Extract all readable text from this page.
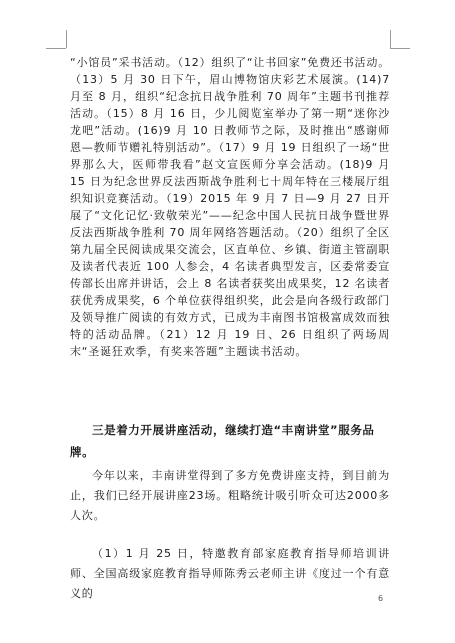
“小馆员”采书活动。（12）组织了“让书回家”免费还书活动。（13）5 月 30 日下午，眉山博物馆庆彩艺术展演。(14)7 月至 8 月，组织“纪念抗日战争胜利 70 周年”主题书刊推荐活动。（15）8 月 16 日，少儿阅览室举办了第一期“迷你沙龙吧”活动。(16)9 月 10 日教师节之际，及时推出“感谢师恩—教师节赠礼特别活动”。（17）9 月 19 日组织了一场“世界那么大，医师带我看”赵文宣医师分享会活动。(18)9 月 15 日为纪念世界反法西斯战争胜利七十周年特在三楼展厅组织知识竞赛活动。（19）2015 年 9 月 7 日—9 月 27 日开展了“文化记忆·致敬荣光”——纪念中国人民抗日战争暨世界反法西斯战争胜利 70 周年网络答题活动。（20）组织了全区第九届全民阅读成果交流会，区直单位、乡镇、街道主管副职及读者代表近 100 人参会，4 名读者典型发言，区委常委宣传部长出席并讲话，会上 8 名读者获奖出成果奖，12 名读者获优秀成果奖，6 个单位获得组织奖，此会是向各级行政部门及领导推广阅读的有效方式，已成为丰南图书馆极富成效而独特的活动品牌。（21）12 月 19 日、26 日组织了两场周末“圣诞狂欢季，有奖来答题”主题读书活动。

三是着力开展讲座活动，继续打造“丰南讲堂”服务品牌。

今年以来，丰南讲堂得到了多方免费讲座支持，到目前为止，我们已经开展讲座23场。粗略统计吸引听众可达2000多人次。

（1）1 月 25 日，特邀教育部家庭教育指导师培训讲师、全国高级家庭教育指导师陈秀云老师主讲《度过一个有意义的	6
